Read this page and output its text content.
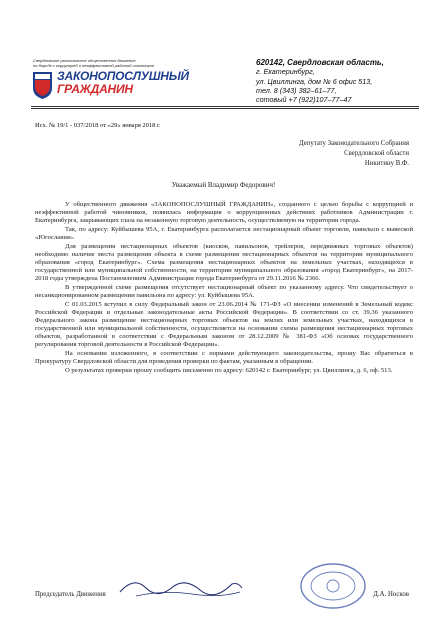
Свердловское региональное общественное движение
по борьбе с коррупцией и неэффективной работой чиновников
ЗАКОНОПОСЛУШНЫЙ
ГРАЖДАНИН
620142, Свердловская область,
г. Екатеринбург,
ул. Цвиллинга, дом № 6 офис 513,
тел. 8 (343) 382–61–77,
сотовый +7 (922)107–77–47
Исх. № 19/1 - 037/2018 от «29» января 2018 г.
Депутату Законодательного Собрания
Свердловской области
Никитину В.Ф.
Уважаемый Владимир Федорович!

У общественного движения «ЗАКОНОПОСЛУШНЫЙ ГРАЖДАНИН», созданного с целью борьбы с коррупцией и неэффективной работой чиновников, появилась информация о коррупционных действиях работников Администрации г. Екатеринбурга, закрывающих глаза на незаконную торговую деятельность, осуществляемую на территории города.

Так, по адресу: Куйбышева 95А, г. Екатеринбурга располагается нестационарный объект торговли, павильон с вывеской «Югославия».

Для размещения нестационарных объектов (киосков, павильонов, трейлеров, передвижных торговых объектов) необходимо наличие места размещения объекта в схеме размещения нестационарных объектов на территории муниципального образования «город Екатеринбург». Схема размещения нестационарных объектов на земельных участках, находящихся в государственной или муниципальной собственности, на территории муниципального образования «город Екатеринбург», на 2017-2018 годы утверждена Постановлением Администрации города Екатеринбурга от 29.11.2016 № 2366.

В утвержденной схеме размещения отсутствует нестационарный объект по указанному адресу. Что свидетельствует о несанкционированном размещении павильона по адресу: ул. Куйбышева 95А.

С 01.03.2015 вступил в силу Федеральный закон от 23.06.2014 № 171-ФЗ «О внесении изменений в Земельный кодекс Российской Федерации и отдельные законодательные акты Российской Федерации». В соответствии со ст. 39.36 указанного Федерального закона размещение нестационарных торговых объектов на землях или земельных участках, находящихся в государственной или муниципальной собственности, осуществляется на основании схемы размещения нестационарных торговых объектов, разработанной в соответствии с Федеральным законом от 28.12.2009 № 381-ФЗ «Об основах государственного регулирования торговой деятельности в Российской Федерации».

На основании изложенного, в соответствии с нормами действующего законодательства, прошу Вас обратиться в Прокуратуру Свердловской области для проведения проверки по фактам, указанным в обращении.

О результатах проверки прошу сообщить письменно по адресу: 620142 г. Екатеринбург, ул. Цвиллинга, д. 6, оф. 513.

Председатель Движения	Д.А. Носков
